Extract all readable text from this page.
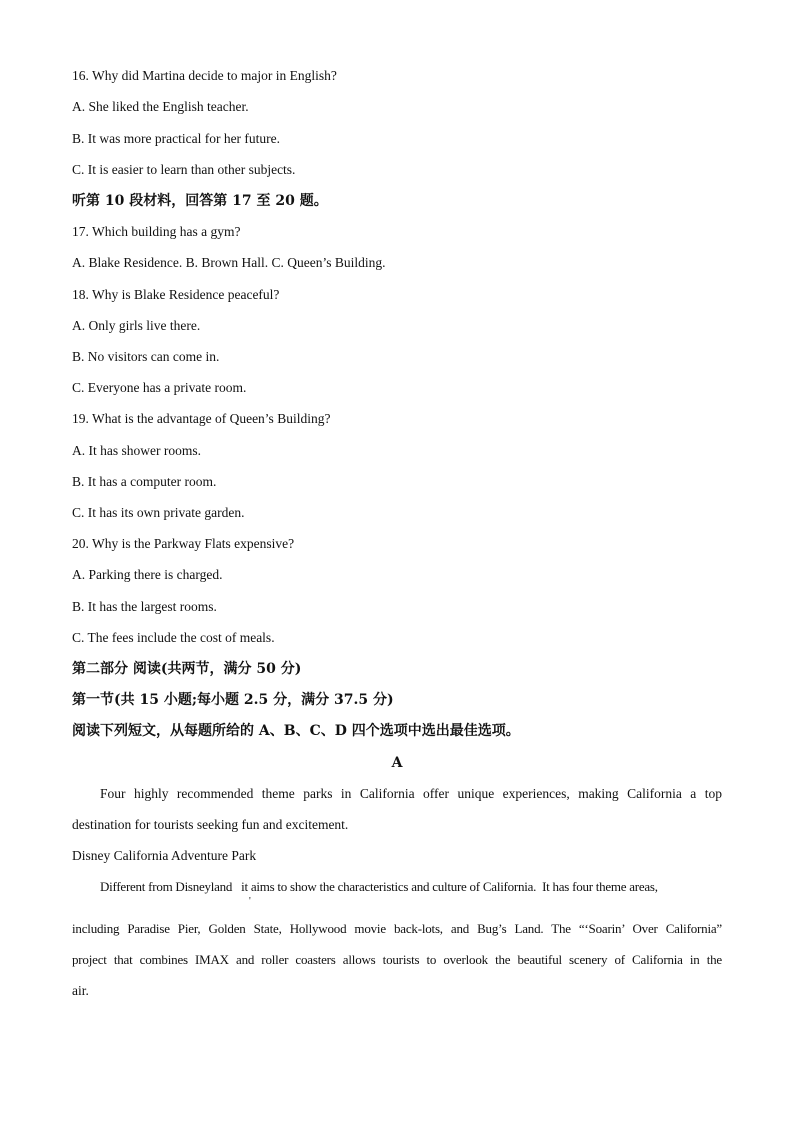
16. Why did Martina decide to major in English?
A. She liked the English teacher.
B. It was more practical for her future.
C. It is easier to learn than other subjects.
听第 10 段材料，回答第 17 至 20 题。
17. Which building has a gym?
A. Blake Residence. B. Brown Hall. C. Queen’s Building.
18. Why is Blake Residence peaceful?
A. Only girls live there.
B. No visitors can come in.
C. Everyone has a private room.
19. What is the advantage of Queen’s Building?
A. It has shower rooms.
B. It has a computer room.
C. It has its own private garden.
20. Why is the Parkway Flats expensive?
A. Parking there is charged.
B. It has the largest rooms.
C. The fees include the cost of meals.
第二部分 阅读(共两节，满分 50 分)
第一节(共 15 小题;每小题 2.5 分，满分 37.5 分)
阅读下列短文，从每题所给的 A、B、C、D 四个选项中选出最佳选项。
A
Four highly recommended theme parks in California offer unique experiences, making California a top
destination for tourists seeking fun and excitement.
Disney California Adventure Park
Different from Disneyland   it aims to show the characteristics and culture of California.  It has four theme areas,
'
including Paradise Pier, Golden State, Hollywood movie back-lots, and Bug’s Land. The “‘Soarin’ Over California”
project that combines IMAX and roller coasters allows tourists to overlook the beautiful scenery of California in the
air.
